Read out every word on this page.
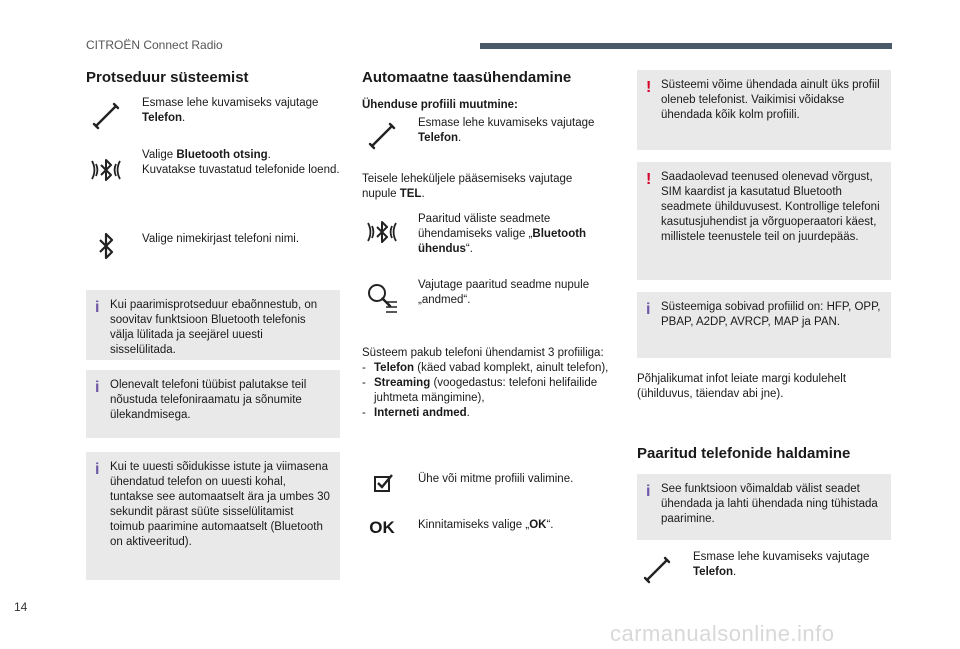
CITROËN Connect Radio
Protseduur süsteemist
Esmase lehe kuvamiseks vajutage
Telefon.
Valige Bluetooth otsing.
Kuvatakse tuvastatud telefonide loend.
Valige nimekirjast telefoni nimi.
i Kui paarimisprotseduur ebaõnnestub, on soovitav funktsioon Bluetooth telefonis välja lülitada ja seejärel uuesti sisselülitada.
i Olenevalt telefoni tüübist palutakse teil nõustuda telefoniraamatu ja sõnumite ülekandmisega.
i Kui te uuesti sõidukisse istute ja viimasena ühendatud telefon on uuesti kohal, tuntakse see automaatselt ära ja umbes 30 sekundit pärast süüte sisselülitamist toimub paarimine automaatselt (Bluetooth on aktiveeritud).
Automaatne taasühendamine
Ühenduse profiili muutmine:
Esmase lehe kuvamiseks vajutage
Telefon.
Teisele leheküljele pääsemiseks vajutage nupule TEL.
Paaritud väliste seadmete ühendamiseks valige „Bluetooth ühendus“.
Vajutage paaritud seadme nupule „andmed“.
Süsteem pakub telefoni ühendamist 3 profiiliga:
- Telefon (käed vabad komplekt, ainult telefon),
- Streaming (voogedastus: telefoni helifailide juhtmeta mängimine),
- Interneti andmed.
Ühe või mitme profiili valimine.
OK	Kinnitamiseks valige „OK“.
! Süsteemi võime ühendada ainult üks profiil oleneb telefonist. Vaikimisi võidakse ühendada kõik kolm profiili.
! Saadaolevad teenused olenevad võrgust, SIM kaardist ja kasutatud Bluetooth seadmete ühilduvusest. Kontrollige telefoni kasutusjuhendist ja võrguoperaatori käest, millistele teenustele teil on juurdepääs.
i Süsteemiga sobivad profiilid on: HFP, OPP, PBAP, A2DP, AVRCP, MAP ja PAN.
Põhjalikumat infot leiate margi kodulehelt (ühilduvus, täiendav abi jne).
Paaritud telefonide haldamine
i See funktsioon võimaldab välist seadet ühendada ja lahti ühendada ning tühistada paarimine.
Esmase lehe kuvamiseks vajutage
Telefon.
14
carmanualsonline.info
